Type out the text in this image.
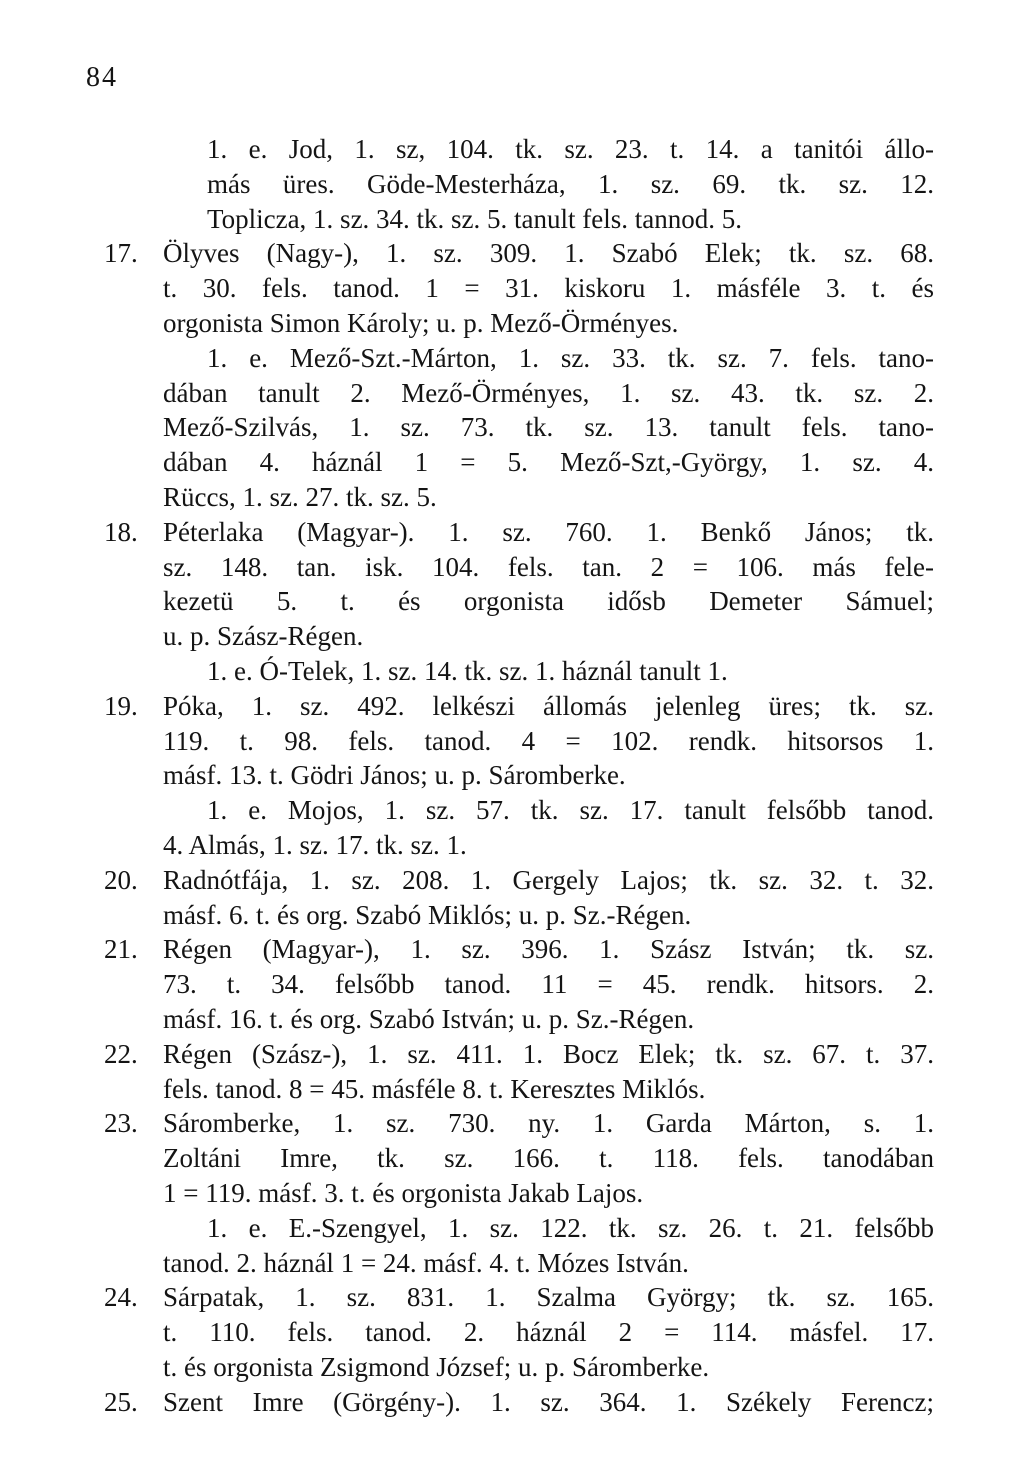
84
1. e. Jod, 1. sz, 104. tk. sz. 23. t. 14. a tanitói állo-
más üres. Göde-Mesterháza, 1. sz. 69. tk. sz. 12.
Toplicza, 1. sz. 34. tk. sz. 5. tanult fels. tannod. 5.
17. Ölyves (Nagy-), 1. sz. 309. 1. Szabó Elek; tk. sz. 68.
t. 30. fels. tanod. 1 = 31. kiskoru 1. másféle 3. t. és
orgonista Simon Károly; u. p. Mező-Örményes.
1. e. Mező-Szt.-Márton, 1. sz. 33. tk. sz. 7. fels. tano-
dában tanult 2. Mező-Örményes, 1. sz. 43. tk. sz. 2.
Mező-Szilvás, 1. sz. 73. tk. sz. 13. tanult fels. tano-
dában 4. háznál 1 = 5. Mező-Szt,-György, 1. sz. 4.
Rüccs, 1. sz. 27. tk. sz. 5.
18. Péterlaka (Magyar-). 1. sz. 760. 1. Benkő János; tk.
sz. 148. tan. isk. 104. fels. tan. 2 = 106. más fele-
kezetü 5. t. és orgonista idősb Demeter Sámuel;
u. p. Szász-Régen.
1. e. Ó-Telek, 1. sz. 14. tk. sz. 1. háznál tanult 1.
19. Póka, 1. sz. 492. lelkészi állomás jelenleg üres; tk. sz.
119. t. 98. fels. tanod. 4 = 102. rendk. hitsorsos 1.
másf. 13. t. Gödri János; u. p. Sáromberke.
1. e. Mojos, 1. sz. 57. tk. sz. 17. tanult felsőbb tanod.
4. Almás, 1. sz. 17. tk. sz. 1.
20. Radnótfája, 1. sz. 208. 1. Gergely Lajos; tk. sz. 32. t. 32.
másf. 6. t. és org. Szabó Miklós; u. p. Sz.-Régen.
21. Régen (Magyar-), 1. sz. 396. 1. Szász István; tk. sz.
73. t. 34. felsőbb tanod. 11 = 45. rendk. hitsors. 2.
másf. 16. t. és org. Szabó István; u. p. Sz.-Régen.
22. Régen (Szász-), 1. sz. 411. 1. Bocz Elek; tk. sz. 67. t. 37.
fels. tanod. 8 = 45. másféle 8. t. Keresztes Miklós.
23. Sáromberke, 1. sz. 730. ny. 1. Garda Márton, s. 1.
Zoltáni Imre, tk. sz. 166. t. 118. fels. tanodában
1 = 119. másf. 3. t. és orgonista Jakab Lajos.
1. e. E.-Szengyel, 1. sz. 122. tk. sz. 26. t. 21. felsőbb
tanod. 2. háznál 1 = 24. másf. 4. t. Mózes István.
24. Sárpatak, 1. sz. 831. 1. Szalma György; tk. sz. 165.
t. 110. fels. tanod. 2. háznál 2 = 114. másfel. 17.
t. és orgonista Zsigmond József; u. p. Sáromberke.
25. Szent Imre (Görgény-). 1. sz. 364. 1. Székely Ferencz;
